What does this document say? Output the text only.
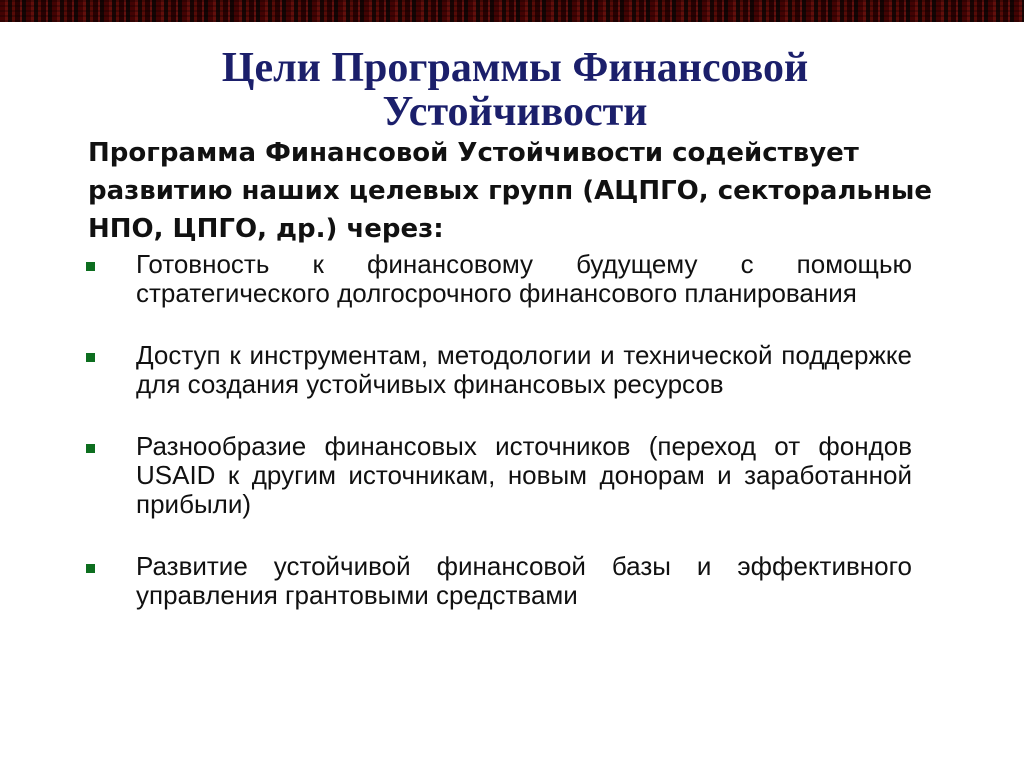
Цели Программы Финансовой Устойчивости

Программа Финансовой Устойчивости содействует развитию наших целевых групп (АЦПГО, секторальные НПО, ЦПГО, др.) через:

Готовность к финансовому будущему с помощью стратегического долгосрочного финансового планирования
Доступ к инструментам, методологии и технической поддержке для создания устойчивых финансовых ресурсов
Разнообразие финансовых источников (переход от фондов USAID к другим источникам, новым донорам и заработанной прибыли)
Развитие устойчивой финансовой базы и эффективного управления грантовыми средствами
